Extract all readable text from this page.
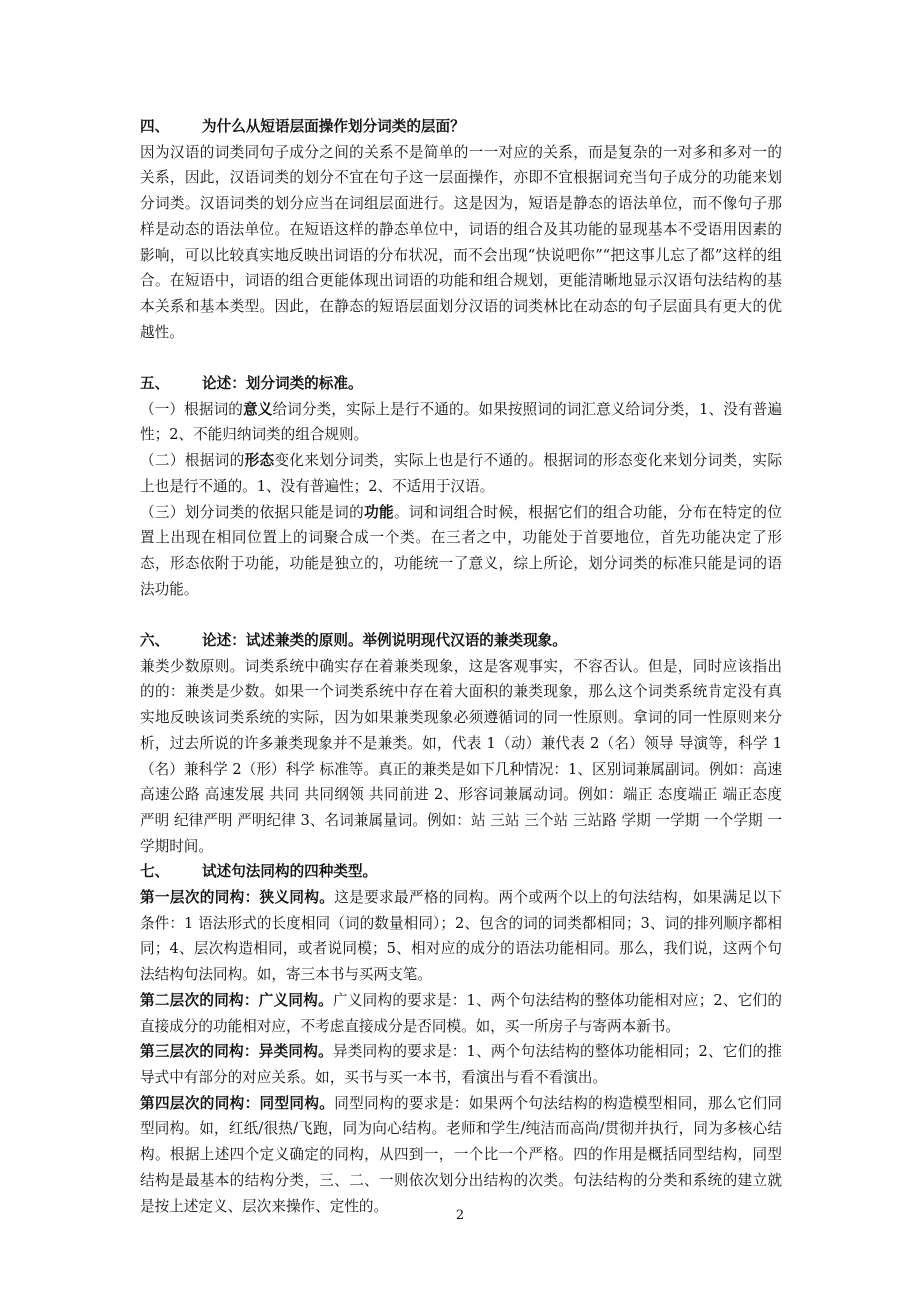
四、 为什么从短语层面操作划分词类的层面？

因为汉语的词类同句子成分之间的关系不是简单的一一对应的关系，而是复杂的一对多和多对一的关系，因此，汉语词类的划分不宜在句子这一层面操作，亦即不宜根据词充当句子成分的功能来划分词类。汉语词类的划分应当在词组层面进行。这是因为，短语是静态的语法单位，而不像句子那样是动态的语法单位。在短语这样的静态单位中，词语的组合及其功能的显现基本不受语用因素的影响，可以比较真实地反映出词语的分布状况，而不会出现“快说吧你”“把这事儿忘了都”这样的组合。在短语中，词语的组合更能体现出词语的功能和组合规划，更能清晰地显示汉语句法结构的基本关系和基本类型。因此，在静态的短语层面划分汉语的词类林比在动态的句子层面具有更大的优越性。

五、 论述：划分词类的标准。

（一）根据词的意义给词分类，实际上是行不通的。如果按照词的词汇意义给词分类，1、没有普遍性；2、不能归纳词类的组合规则。

（二）根据词的形态变化来划分词类，实际上也是行不通的。根据词的形态变化来划分词类，实际上也是行不通的。1、没有普遍性；2、不适用于汉语。

（三）划分词类的依据只能是词的功能。词和词组合时候，根据它们的组合功能，分布在特定的位置上出现在相同位置上的词聚合成一个类。在三者之中，功能处于首要地位，首先功能决定了形态，形态依附于功能，功能是独立的，功能统一了意义，综上所论，划分词类的标准只能是词的语法功能。

六、 论述：试述兼类的原则。举例说明现代汉语的兼类现象。

兼类少数原则。词类系统中确实存在着兼类现象，这是客观事实，不容否认。但是，同时应该指出的的：兼类是少数。如果一个词类系统中存在着大面积的兼类现象，那么这个词类系统肯定没有真实地反映该词类系统的实际，因为如果兼类现象必须遵循词的同一性原则。拿词的同一性原则来分析，过去所说的许多兼类现象并不是兼类。如，代表 1（动）兼代表 2（名）领导 导演等，科学 1（名）兼科学 2（形）科学 标准等。真正的兼类是如下几种情况：1、区别词兼属副词。例如：高速 高速公路 高速发展 共同 共同纲领 共同前进 2、形容词兼属动词。例如：端正 态度端正 端正态度 严明 纪律严明 严明纪律 3、名词兼属量词。例如：站 三站 三个站 三站路 学期 一学期 一个学期 一学期时间。

七、 试述句法同构的四种类型。

第一层次的同构：狭义同构。这是要求最严格的同构。两个或两个以上的句法结构，如果满足以下条件：1 语法形式的长度相同（词的数量相同）；2、包含的词的词类都相同；3、词的排列顺序都相同；4、层次构造相同，或者说同模；5、相对应的成分的语法功能相同。那么，我们说，这两个句法结构句法同构。如，寄三本书与买两支笔。

第二层次的同构：广义同构。广义同构的要求是：1、两个句法结构的整体功能相对应；2、它们的直接成分的功能相对应，不考虑直接成分是否同模。如，买一所房子与寄两本新书。

第三层次的同构：异类同构。异类同构的要求是：1、两个句法结构的整体功能相同；2、它们的推导式中有部分的对应关系。如，买书与买一本书，看演出与看不看演出。

第四层次的同构：同型同构。同型同构的要求是：如果两个句法结构的构造模型相同，那么它们同型同构。如，红纸/很热/飞跑，同为向心结构。老师和学生/纯洁而高尚/贯彻并执行，同为多核心结构。根据上述四个定义确定的同构，从四到一，一个比一个严格。四的作用是概括同型结构，同型结构是最基本的结构分类，三、二、一则依次划分出结构的次类。句法结构的分类和系统的建立就是按上述定义、层次来操作、定性的。

2
